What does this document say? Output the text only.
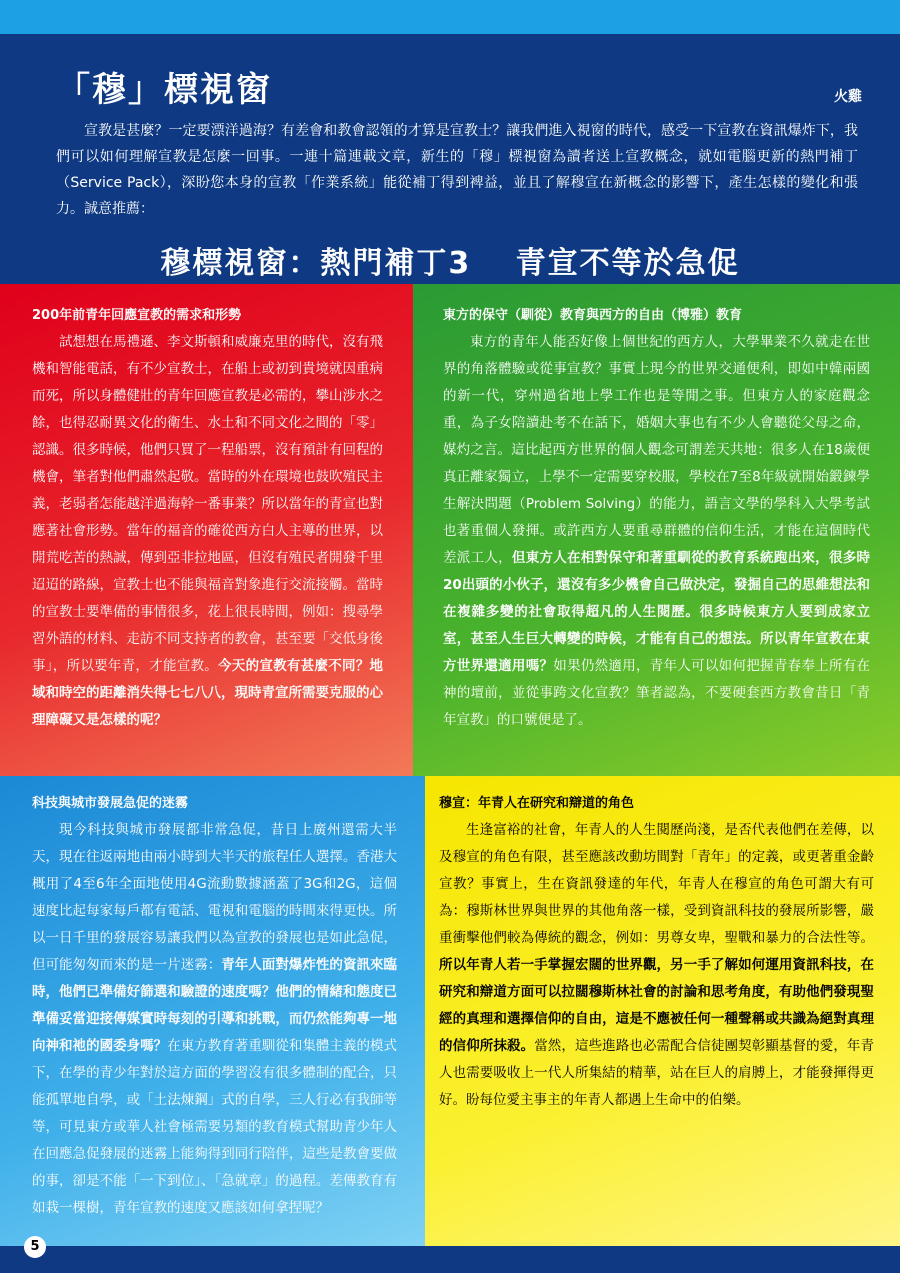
「穆」標視窗	火雞

宣教是甚麼？一定要漂洋過海？有差會和教會認領的才算是宣教士？讓我們進入視窗的時代，感受一下宣教在資訊爆炸下，我們可以如何理解宣教是怎麼一回事。一連十篇連載文章，新生的「穆」標視窗為讀者送上宣教概念，就如電腦更新的熱門補丁（Service Pack），深盼您本身的宣教「作業系統」能從補丁得到裨益，並且了解穆宣在新概念的影響下，產生怎樣的變化和張力。誠意推薦：

穆標視窗：熱門補丁3　 青宣不等於急促
200年前青年回應宣教的需求和形勢

試想想在馬禮遜、李文斯頓和威廉克里的時代，沒有飛機和智能電話，有不少宣教士，在船上或初到貴境就因重病而死，所以身體健壯的青年回應宣教是必需的，攀山涉水之餘，也得忍耐異文化的衛生、水土和不同文化之間的「零」認識。很多時候，他們只買了一程船票，沒有預計有回程的機會，筆者對他們肅然起敬。當時的外在環境也鼓吹殖民主義，老弱者怎能越洋過海幹一番事業？所以當年的青宣也對應著社會形勢。當年的福音的確從西方白人主導的世界，以開荒吃苦的熱誠，傳到亞非拉地區，但沒有殖民者開發千里迢迢的路線，宣教士也不能與福音對象進行交流接觸。當時的宣教士要準備的事情很多，花上很長時間，例如：搜尋學習外語的材料、走訪不同支持者的教會，甚至要「交低身後事」，所以要年青，才能宣教。今天的宣教有甚麼不同？地域和時空的距離消失得七七八八，現時青宣所需要克服的心理障礙又是怎樣的呢？

東方的保守（馴從）教育與西方的自由（博雅）教育

東方的青年人能否好像上個世紀的西方人，大學畢業不久就走在世界的角落體驗或從事宣教？事實上現今的世界交通便利，即如中韓兩國的新一代，穿州過省地上學工作也是等閒之事。但東方人的家庭觀念重，為子女陪讀赴考不在話下，婚姻大事也有不少人會聽從父母之命，媒灼之言。這比起西方世界的個人觀念可謂差天共地：很多人在18歲便真正離家獨立，上學不一定需要穿校服，學校在7至8年級就開始鍛鍊學生解決問題（Problem Solving）的能力，語言文學的學科入大學考試也著重個人發揮。或許西方人要重尋群體的信仰生活，才能在這個時代差派工人，但東方人在相對保守和著重馴從的教育系統跑出來，很多時20出頭的小伙子，還沒有多少機會自己做決定，發掘自己的思維想法和在複雜多變的社會取得超凡的人生閱歷。很多時候東方人要到成家立室，甚至人生巨大轉變的時候，才能有自己的想法。所以青年宣教在東方世界還適用嗎？如果仍然適用，青年人可以如何把握青春奉上所有在神的壇前，並從事跨文化宣教？筆者認為，不要硬套西方教會昔日「青年宣教」的口號便是了。

科技與城市發展急促的迷霧

現今科技與城市發展都非常急促，昔日上廣州還需大半天，現在往返兩地由兩小時到大半天的旅程任人選擇。香港大概用了4至6年全面地使用4G流動數據涵蓋了3G和2G，這個速度比起每家每戶都有電話、電視和電腦的時間來得更快。所以一日千里的發展容易讓我們以為宣教的發展也是如此急促，但可能匆匆而來的是一片迷霧：青年人面對爆炸性的資訊來臨時，他們已準備好篩選和驗證的速度嗎？他們的情緒和態度已準備妥當迎接傳媒實時每刻的引導和挑戰，而仍然能夠專一地向神和祂的國委身嗎？在東方教育著重馴從和集體主義的模式下，在學的青少年對於這方面的學習沒有很多體制的配合，只能孤單地自學，或「土法煉鋼」式的自學，三人行必有我師等等，可見東方或華人社會極需要另類的教育模式幫助青少年人在回應急促發展的迷霧上能夠得到同行陪伴，這些是教會要做的事，卻是不能「一下到位」、「急就章」的過程。差傳教育有如栽一棵樹，青年宣教的速度又應該如何拿捏呢？

穆宣：年青人在研究和辯道的角色

生逢富裕的社會，年青人的人生閱歷尚淺，是否代表他們在差傳，以及穆宣的角色有限，甚至應該改動坊間對「青年」的定義，或更著重金齡宣教？事實上，生在資訊發達的年代，年青人在穆宣的角色可謂大有可為：穆斯林世界與世界的其他角落一樣，受到資訊科技的發展所影響，嚴重衝擊他們較為傳統的觀念，例如：男尊女卑，聖戰和暴力的合法性等。所以年青人若一手掌握宏闊的世界觀，另一手了解如何運用資訊科技，在研究和辯道方面可以拉闊穆斯林社會的討論和思考角度，有助他們發現聖經的真理和選擇信仰的自由，這是不應被任何一種聲稱或共識為絕對真理的信仰所抹殺。當然，這些進路也必需配合信徒團契彰顯基督的愛，年青人也需要吸收上一代人所集結的精華，站在巨人的肩膊上，才能發揮得更好。盼每位愛主事主的年青人都遇上生命中的伯樂。

5
